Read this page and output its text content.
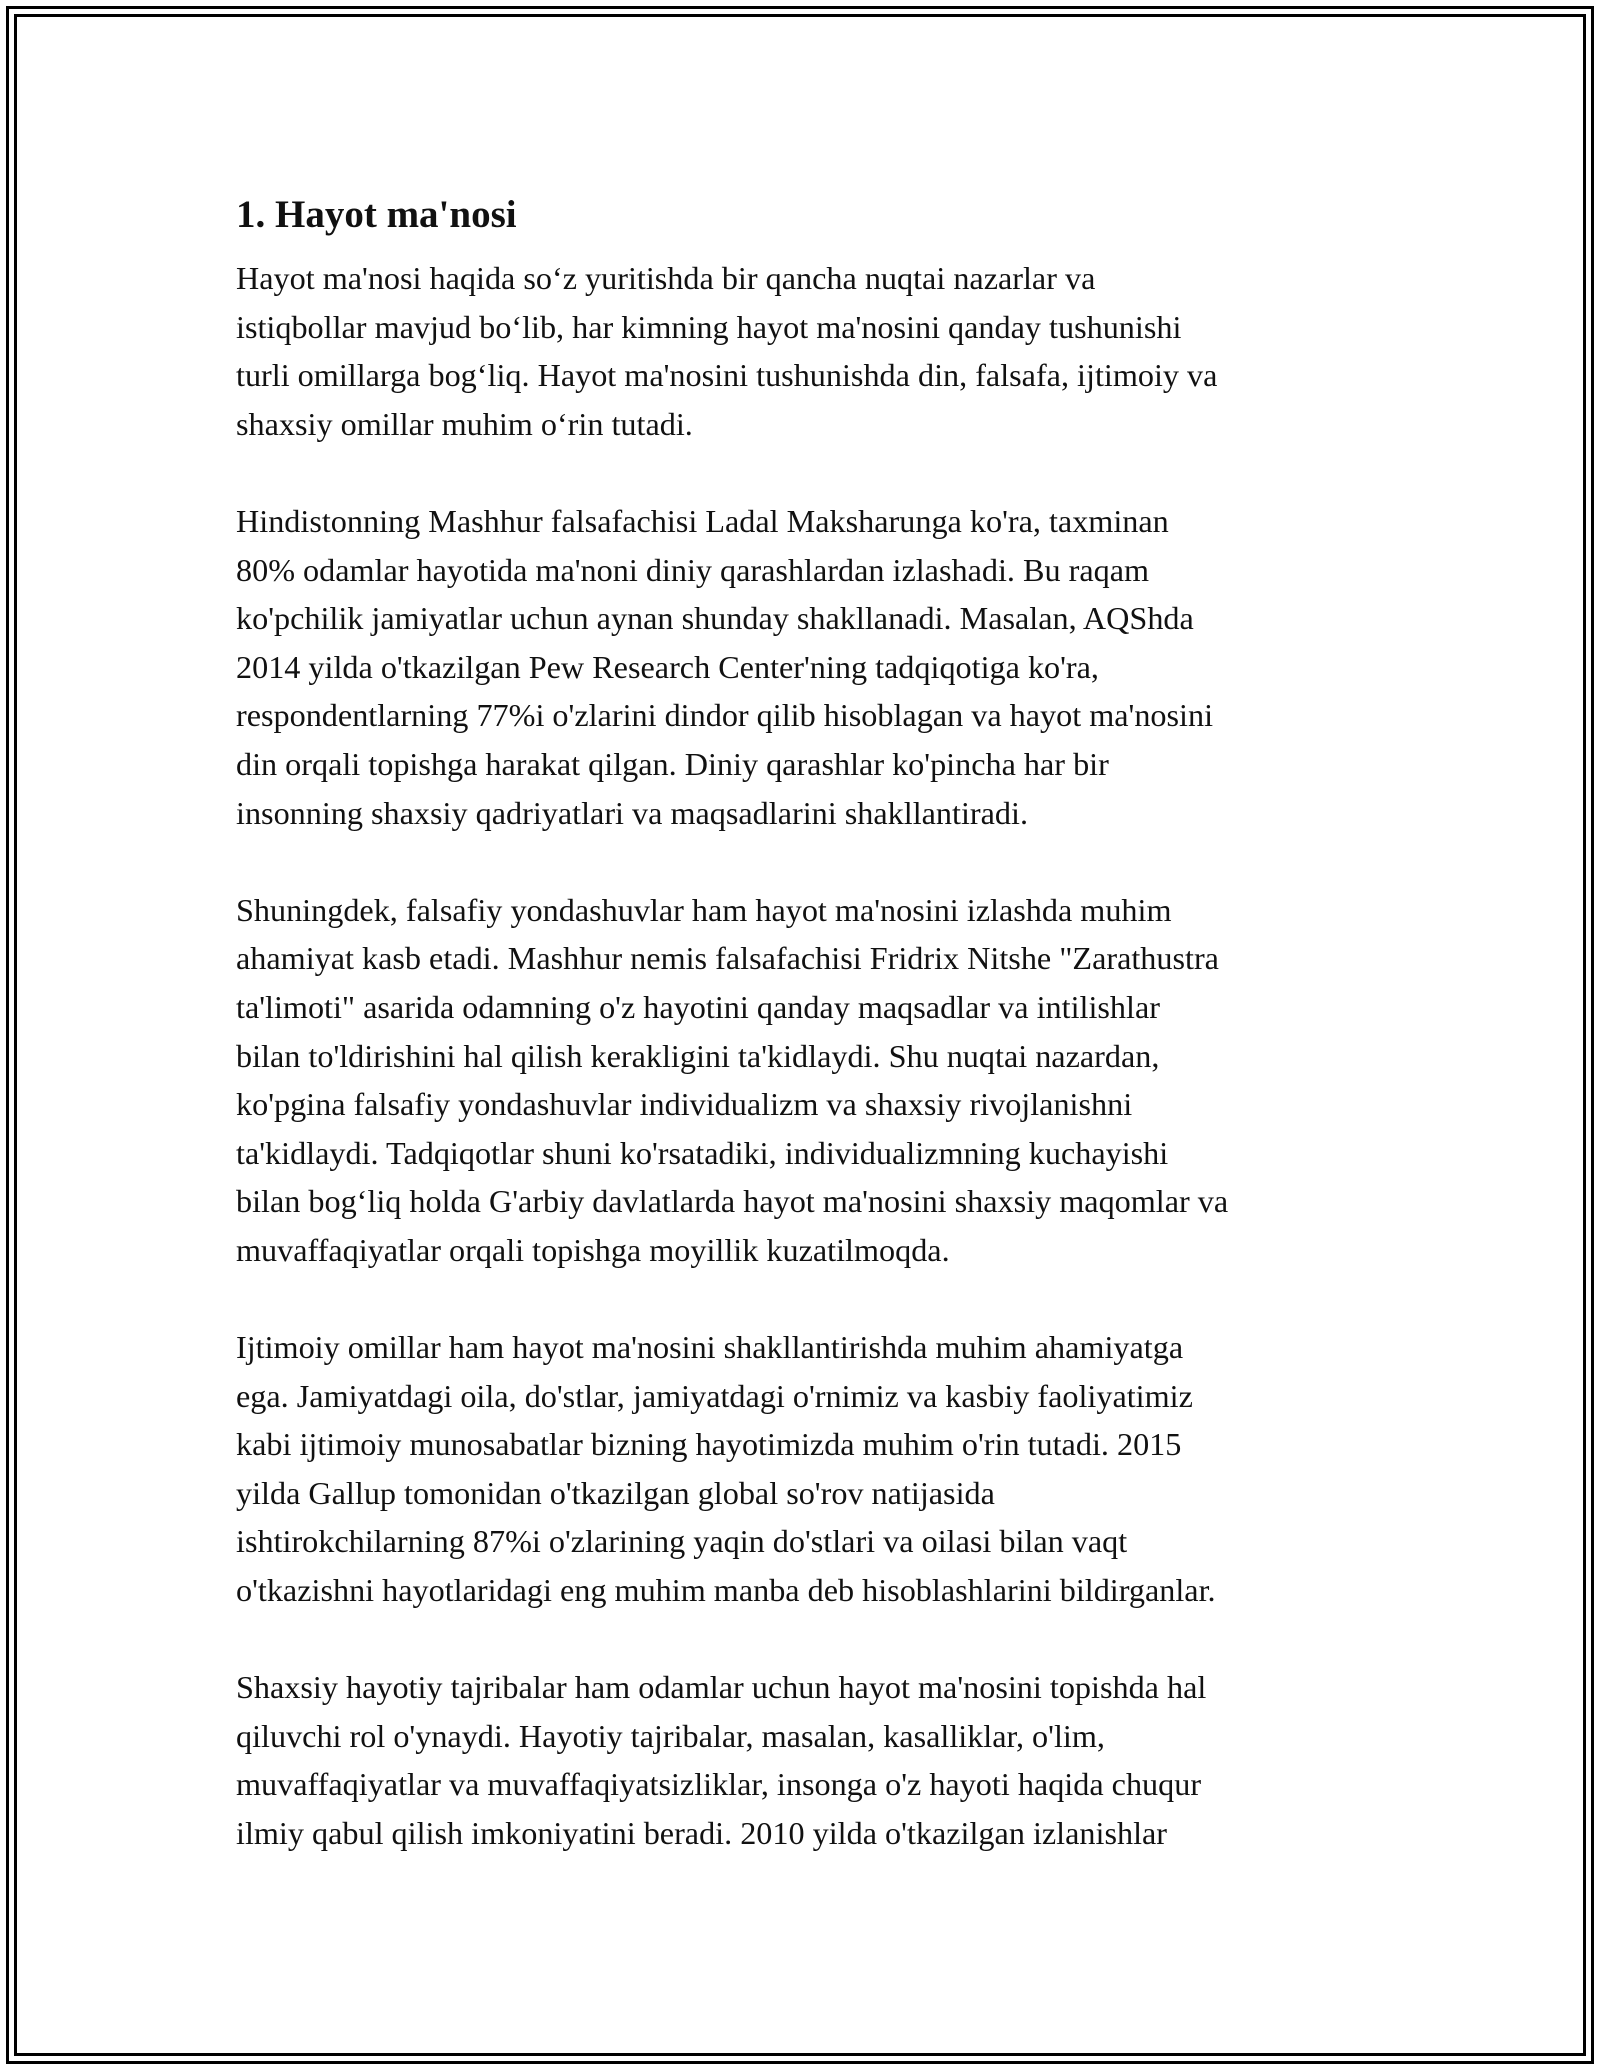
1. Hayot ma'nosi

Hayot ma'nosi haqida so‘z yuritishda bir qancha nuqtai nazarlar va
istiqbollar mavjud bo‘lib, har kimning hayot ma'nosini qanday tushunishi
turli omillarga bog‘liq. Hayot ma'nosini tushunishda din, falsafa, ijtimoiy va
shaxsiy omillar muhim o‘rin tutadi.

Hindistonning Mashhur falsafachisi Ladal Maksharunga ko'ra, taxminan
80% odamlar hayotida ma'noni diniy qarashlardan izlashadi. Bu raqam
ko'pchilik jamiyatlar uchun aynan shunday shakllanadi. Masalan, AQShda
2014 yilda o'tkazilgan Pew Research Center'ning tadqiqotiga ko'ra,
respondentlarning 77%i o'zlarini dindor qilib hisoblagan va hayot ma'nosini
din orqali topishga harakat qilgan. Diniy qarashlar ko'pincha har bir
insonning shaxsiy qadriyatlari va maqsadlarini shakllantiradi.

Shuningdek, falsafiy yondashuvlar ham hayot ma'nosini izlashda muhim
ahamiyat kasb etadi. Mashhur nemis falsafachisi Fridrix Nitshe "Zarathustra
ta'limoti" asarida odamning o'z hayotini qanday maqsadlar va intilishlar
bilan to'ldirishini hal qilish kerakligini ta'kidlaydi. Shu nuqtai nazardan,
ko'pgina falsafiy yondashuvlar individualizm va shaxsiy rivojlanishni
ta'kidlaydi. Tadqiqotlar shuni ko'rsatadiki, individualizmning kuchayishi
bilan bog‘liq holda G'arbiy davlatlarda hayot ma'nosini shaxsiy maqomlar va
muvaffaqiyatlar orqali topishga moyillik kuzatilmoqda.

Ijtimoiy omillar ham hayot ma'nosini shakllantirishda muhim ahamiyatga
ega. Jamiyatdagi oila, do'stlar, jamiyatdagi o'rnimiz va kasbiy faoliyatimiz
kabi ijtimoiy munosabatlar bizning hayotimizda muhim o'rin tutadi. 2015
yilda Gallup tomonidan o'tkazilgan global so'rov natijasida
ishtirokchilarning 87%i o'zlarining yaqin do'stlari va oilasi bilan vaqt
o'tkazishni hayotlaridagi eng muhim manba deb hisoblashlarini bildirganlar.

Shaxsiy hayotiy tajribalar ham odamlar uchun hayot ma'nosini topishda hal
qiluvchi rol o'ynaydi. Hayotiy tajribalar, masalan, kasalliklar, o'lim,
muvaffaqiyatlar va muvaffaqiyatsizliklar, insonga o'z hayoti haqida chuqur
ilmiy qabul qilish imkoniyatini beradi. 2010 yilda o'tkazilgan izlanishlar
